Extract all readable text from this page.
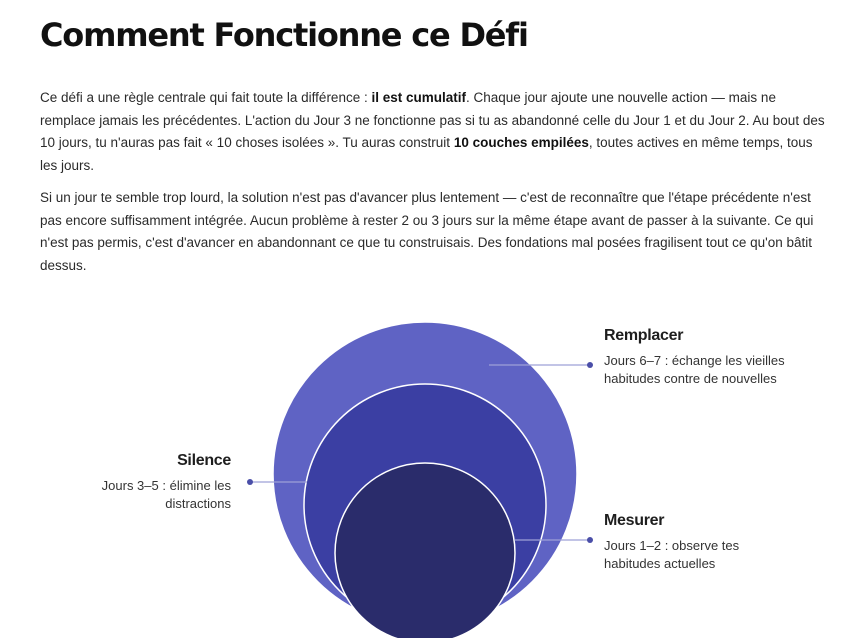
Comment Fonctionne ce Défi

Ce défi a une règle centrale qui fait toute la différence : il est cumulatif. Chaque jour ajoute une nouvelle action — mais ne remplace jamais les précédentes. L'action du Jour 3 ne fonctionne pas si tu as abandonné celle du Jour 1 et du Jour 2. Au bout des 10 jours, tu n'auras pas fait « 10 choses isolées ». Tu auras construit 10 couches empilées, toutes actives en même temps, tous les jours.

Si un jour te semble trop lourd, la solution n'est pas d'avancer plus lentement — c'est de reconnaître que l'étape précédente n'est pas encore suffisamment intégrée. Aucun problème à rester 2 ou 3 jours sur la même étape avant de passer à la suivante. Ce qui n'est pas permis, c'est d'avancer en abandonnant ce que tu construisais. Des fondations mal posées fragilisent tout ce qu'on bâtit dessus.

Remplacer

Jours 6–7 : échange les vieilles habitudes contre de nouvelles

Silence

Jours 3–5 : élimine les distractions

Mesurer

Jours 1–2 : observe tes habitudes actuelles
